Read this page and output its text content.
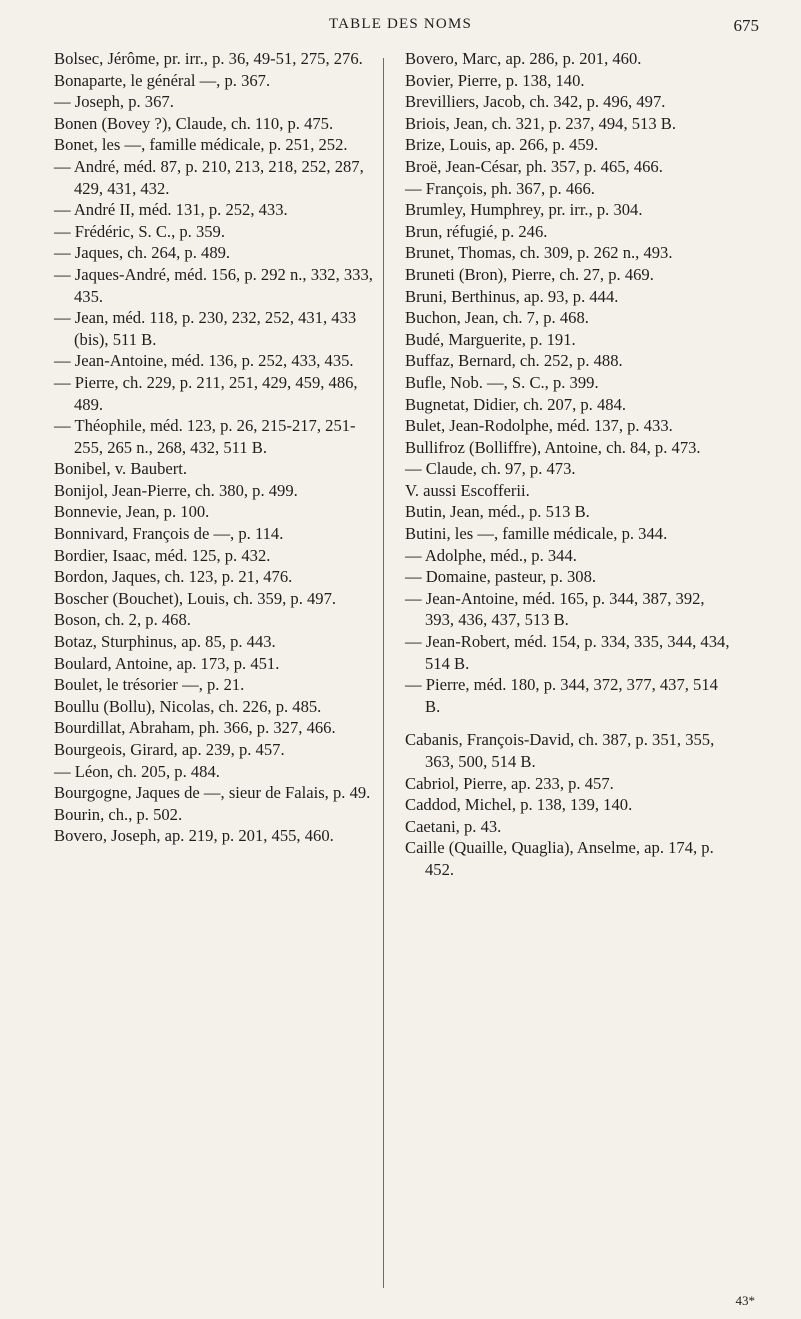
TABLE DES NOMS	675

Bolsec, Jérôme, pr. irr., p. 36, 49-51, 275, 276.

Bonaparte, le général —, p. 367.

— Joseph, p. 367.

Bonen (Bovey ?), Claude, ch. 110, p. 475.

Bonet, les —, famille médicale, p. 251, 252.

— André, méd. 87, p. 210, 213, 218, 252, 287, 429, 431, 432.

— André II, méd. 131, p. 252, 433.

— Frédéric, S. C., p. 359.

— Jaques, ch. 264, p. 489.

— Jaques-André, méd. 156, p. 292 n., 332, 333, 435.

— Jean, méd. 118, p. 230, 232, 252, 431, 433 (bis), 511 B.

— Jean-Antoine, méd. 136, p. 252, 433, 435.

— Pierre, ch. 229, p. 211, 251, 429, 459, 486, 489.

— Théophile, méd. 123, p. 26, 215-217, 251-255, 265 n., 268, 432, 511 B.

Bonibel, v. Baubert.

Bonijol, Jean-Pierre, ch. 380, p. 499.

Bonnevie, Jean, p. 100.

Bonnivard, François de —, p. 114.

Bordier, Isaac, méd. 125, p. 432.

Bordon, Jaques, ch. 123, p. 21, 476.

Boscher (Bouchet), Louis, ch. 359, p. 497.

Boson, ch. 2, p. 468.

Botaz, Sturphinus, ap. 85, p. 443.

Boulard, Antoine, ap. 173, p. 451.

Boulet, le trésorier —, p. 21.

Boullu (Bollu), Nicolas, ch. 226, p. 485.

Bourdillat, Abraham, ph. 366, p. 327, 466.

Bourgeois, Girard, ap. 239, p. 457.

— Léon, ch. 205, p. 484.

Bourgogne, Jaques de —, sieur de Falais, p. 49.

Bourin, ch., p. 502.

Bovero, Joseph, ap. 219, p. 201, 455, 460.

Bovero, Marc, ap. 286, p. 201, 460.

Bovier, Pierre, p. 138, 140.

Brevilliers, Jacob, ch. 342, p. 496, 497.

Briois, Jean, ch. 321, p. 237, 494, 513 B.

Brize, Louis, ap. 266, p. 459.

Broë, Jean-César, ph. 357, p. 465, 466.

— François, ph. 367, p. 466.

Brumley, Humphrey, pr. irr., p. 304.

Brun, réfugié, p. 246.

Brunet, Thomas, ch. 309, p. 262 n., 493.

Bruneti (Bron), Pierre, ch. 27, p. 469.

Bruni, Berthinus, ap. 93, p. 444.

Buchon, Jean, ch. 7, p. 468.

Budé, Marguerite, p. 191.

Buffaz, Bernard, ch. 252, p. 488.

Bufle, Nob. —, S. C., p. 399.

Bugnetat, Didier, ch. 207, p. 484.

Bulet, Jean-Rodolphe, méd. 137, p. 433.

Bullifroz (Bolliffre), Antoine, ch. 84, p. 473.

— Claude, ch. 97, p. 473.

V. aussi Escofferii.

Butin, Jean, méd., p. 513 B.

Butini, les —, famille médicale, p. 344.

— Adolphe, méd., p. 344.

— Domaine, pasteur, p. 308.

— Jean-Antoine, méd. 165, p. 344, 387, 392, 393, 436, 437, 513 B.

— Jean-Robert, méd. 154, p. 334, 335, 344, 434, 514 B.

— Pierre, méd. 180, p. 344, 372, 377, 437, 514 B.

Cabanis, François-David, ch. 387, p. 351, 355, 363, 500, 514 B.

Cabriol, Pierre, ap. 233, p. 457.

Caddod, Michel, p. 138, 139, 140.

Caetani, p. 43.

Caille (Quaille, Quaglia), Anselme, ap. 174, p. 452.

43*
